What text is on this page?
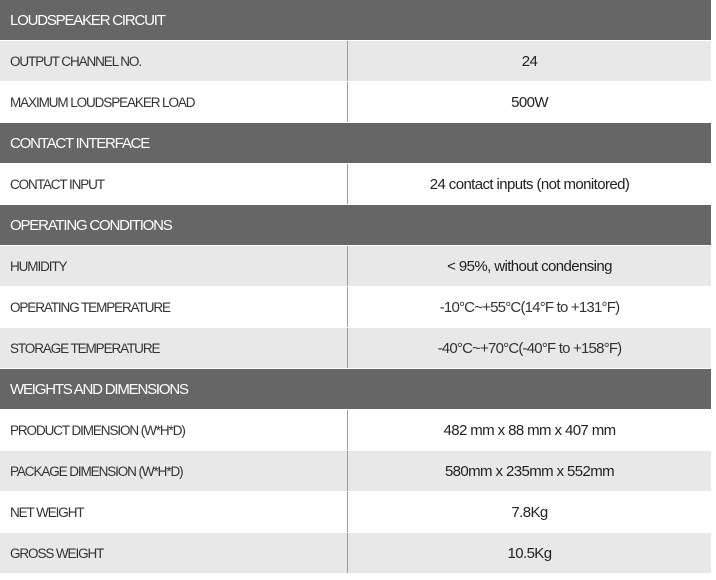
LOUDSPEAKER CIRCUIT
OUTPUT CHANNEL NO.	24
MAXIMUM LOUDSPEAKER LOAD	500W
CONTACT INTERFACE
CONTACT INPUT	24 contact inputs (not monitored)
OPERATING CONDITIONS
HUMIDITY	< 95%, without condensing
OPERATING TEMPERATURE	-10°C~+55°C(14°F to +131°F)
STORAGE TEMPERATURE	-40°C~+70°C(-40°F to +158°F)
WEIGHTS AND DIMENSIONS
PRODUCT DIMENSION (W*H*D)	482 mm x 88 mm x 407 mm
PACKAGE DIMENSION (W*H*D)	580mm x 235mm x 552mm
NET WEIGHT	7.8Kg
GROSS WEIGHT	10.5Kg
